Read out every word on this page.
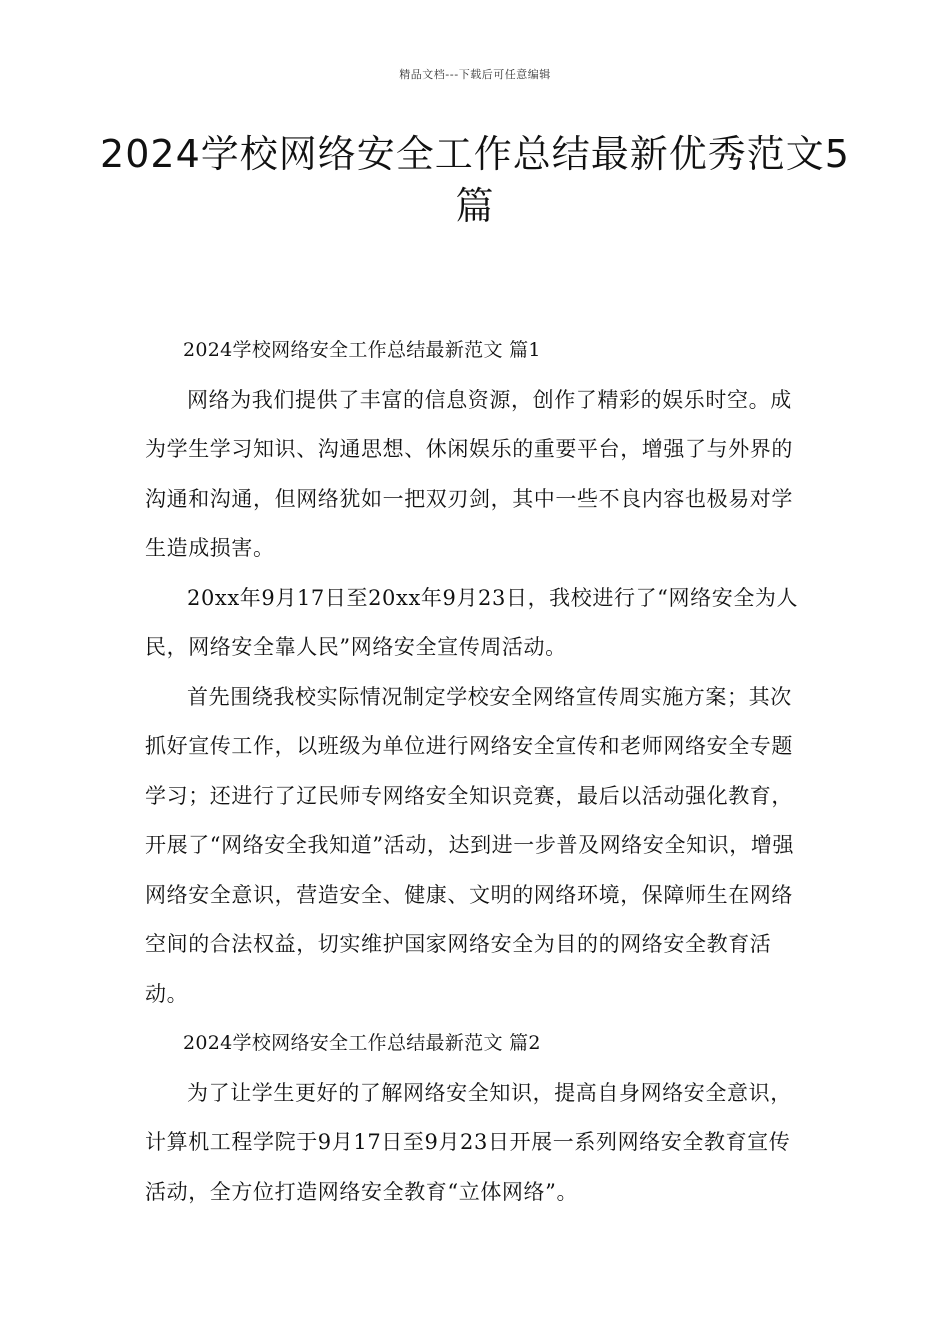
精品文档---下载后可任意编辑
2024学校网络安全工作总结最新优秀范文5篇

2024学校网络安全工作总结最新范文 篇1

网络为我们提供了丰富的信息资源，创作了精彩的娱乐时空。成为学生学习知识、沟通思想、休闲娱乐的重要平台，增强了与外界的沟通和沟通，但网络犹如一把双刃剑，其中一些不良内容也极易对学生造成损害。

20xx年9月17日至20xx年9月23日，我校进行了“网络安全为人民，网络安全靠人民”网络安全宣传周活动。

首先围绕我校实际情况制定学校安全网络宣传周实施方案；其次抓好宣传工作，以班级为单位进行网络安全宣传和老师网络安全专题学习；还进行了辽民师专网络安全知识竞赛，最后以活动强化教育，开展了“网络安全我知道”活动，达到进一步普及网络安全知识，增强网络安全意识，营造安全、健康、文明的网络环境，保障师生在网络空间的合法权益，切实维护国家网络安全为目的的网络安全教育活动。

2024学校网络安全工作总结最新范文 篇2

为了让学生更好的了解网络安全知识，提高自身网络安全意识，计算机工程学院于9月17日至9月23日开展一系列网络安全教育宣传活动，全方位打造网络安全教育“立体网络”。
